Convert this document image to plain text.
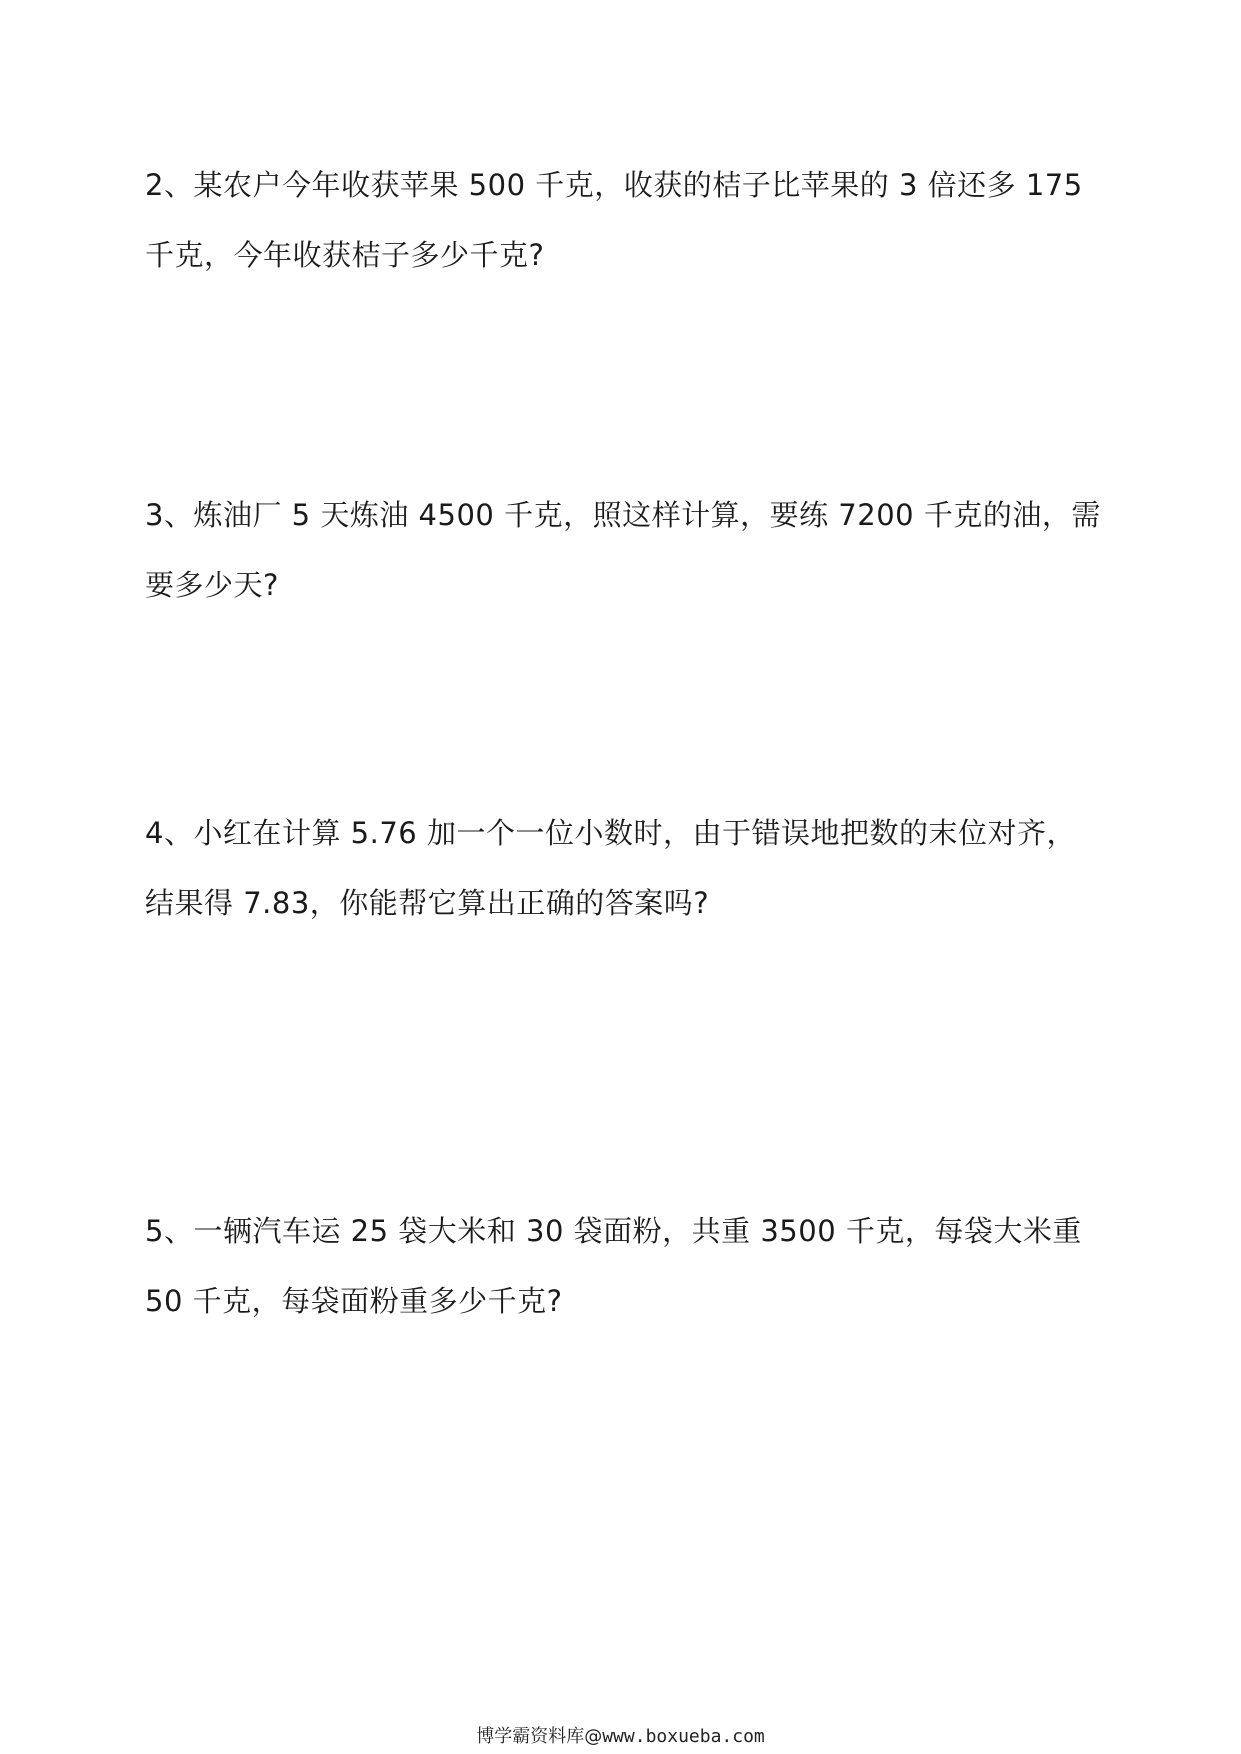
2、某农户今年收获苹果 500 千克，收获的桔子比苹果的 3 倍还多 175
千克，今年收获桔子多少千克?

3、炼油厂 5 天炼油 4500 千克，照这样计算，要练 7200 千克的油，需
要多少天?

4、小红在计算 5.76 加一个一位小数时，由于错误地把数的末位对齐，
结果得 7.83，你能帮它算出正确的答案吗?

5、一辆汽车运 25 袋大米和 30 袋面粉，共重 3500 千克，每袋大米重
50 千克，每袋面粉重多少千克?

博学霸资料库@www.boxueba.com
